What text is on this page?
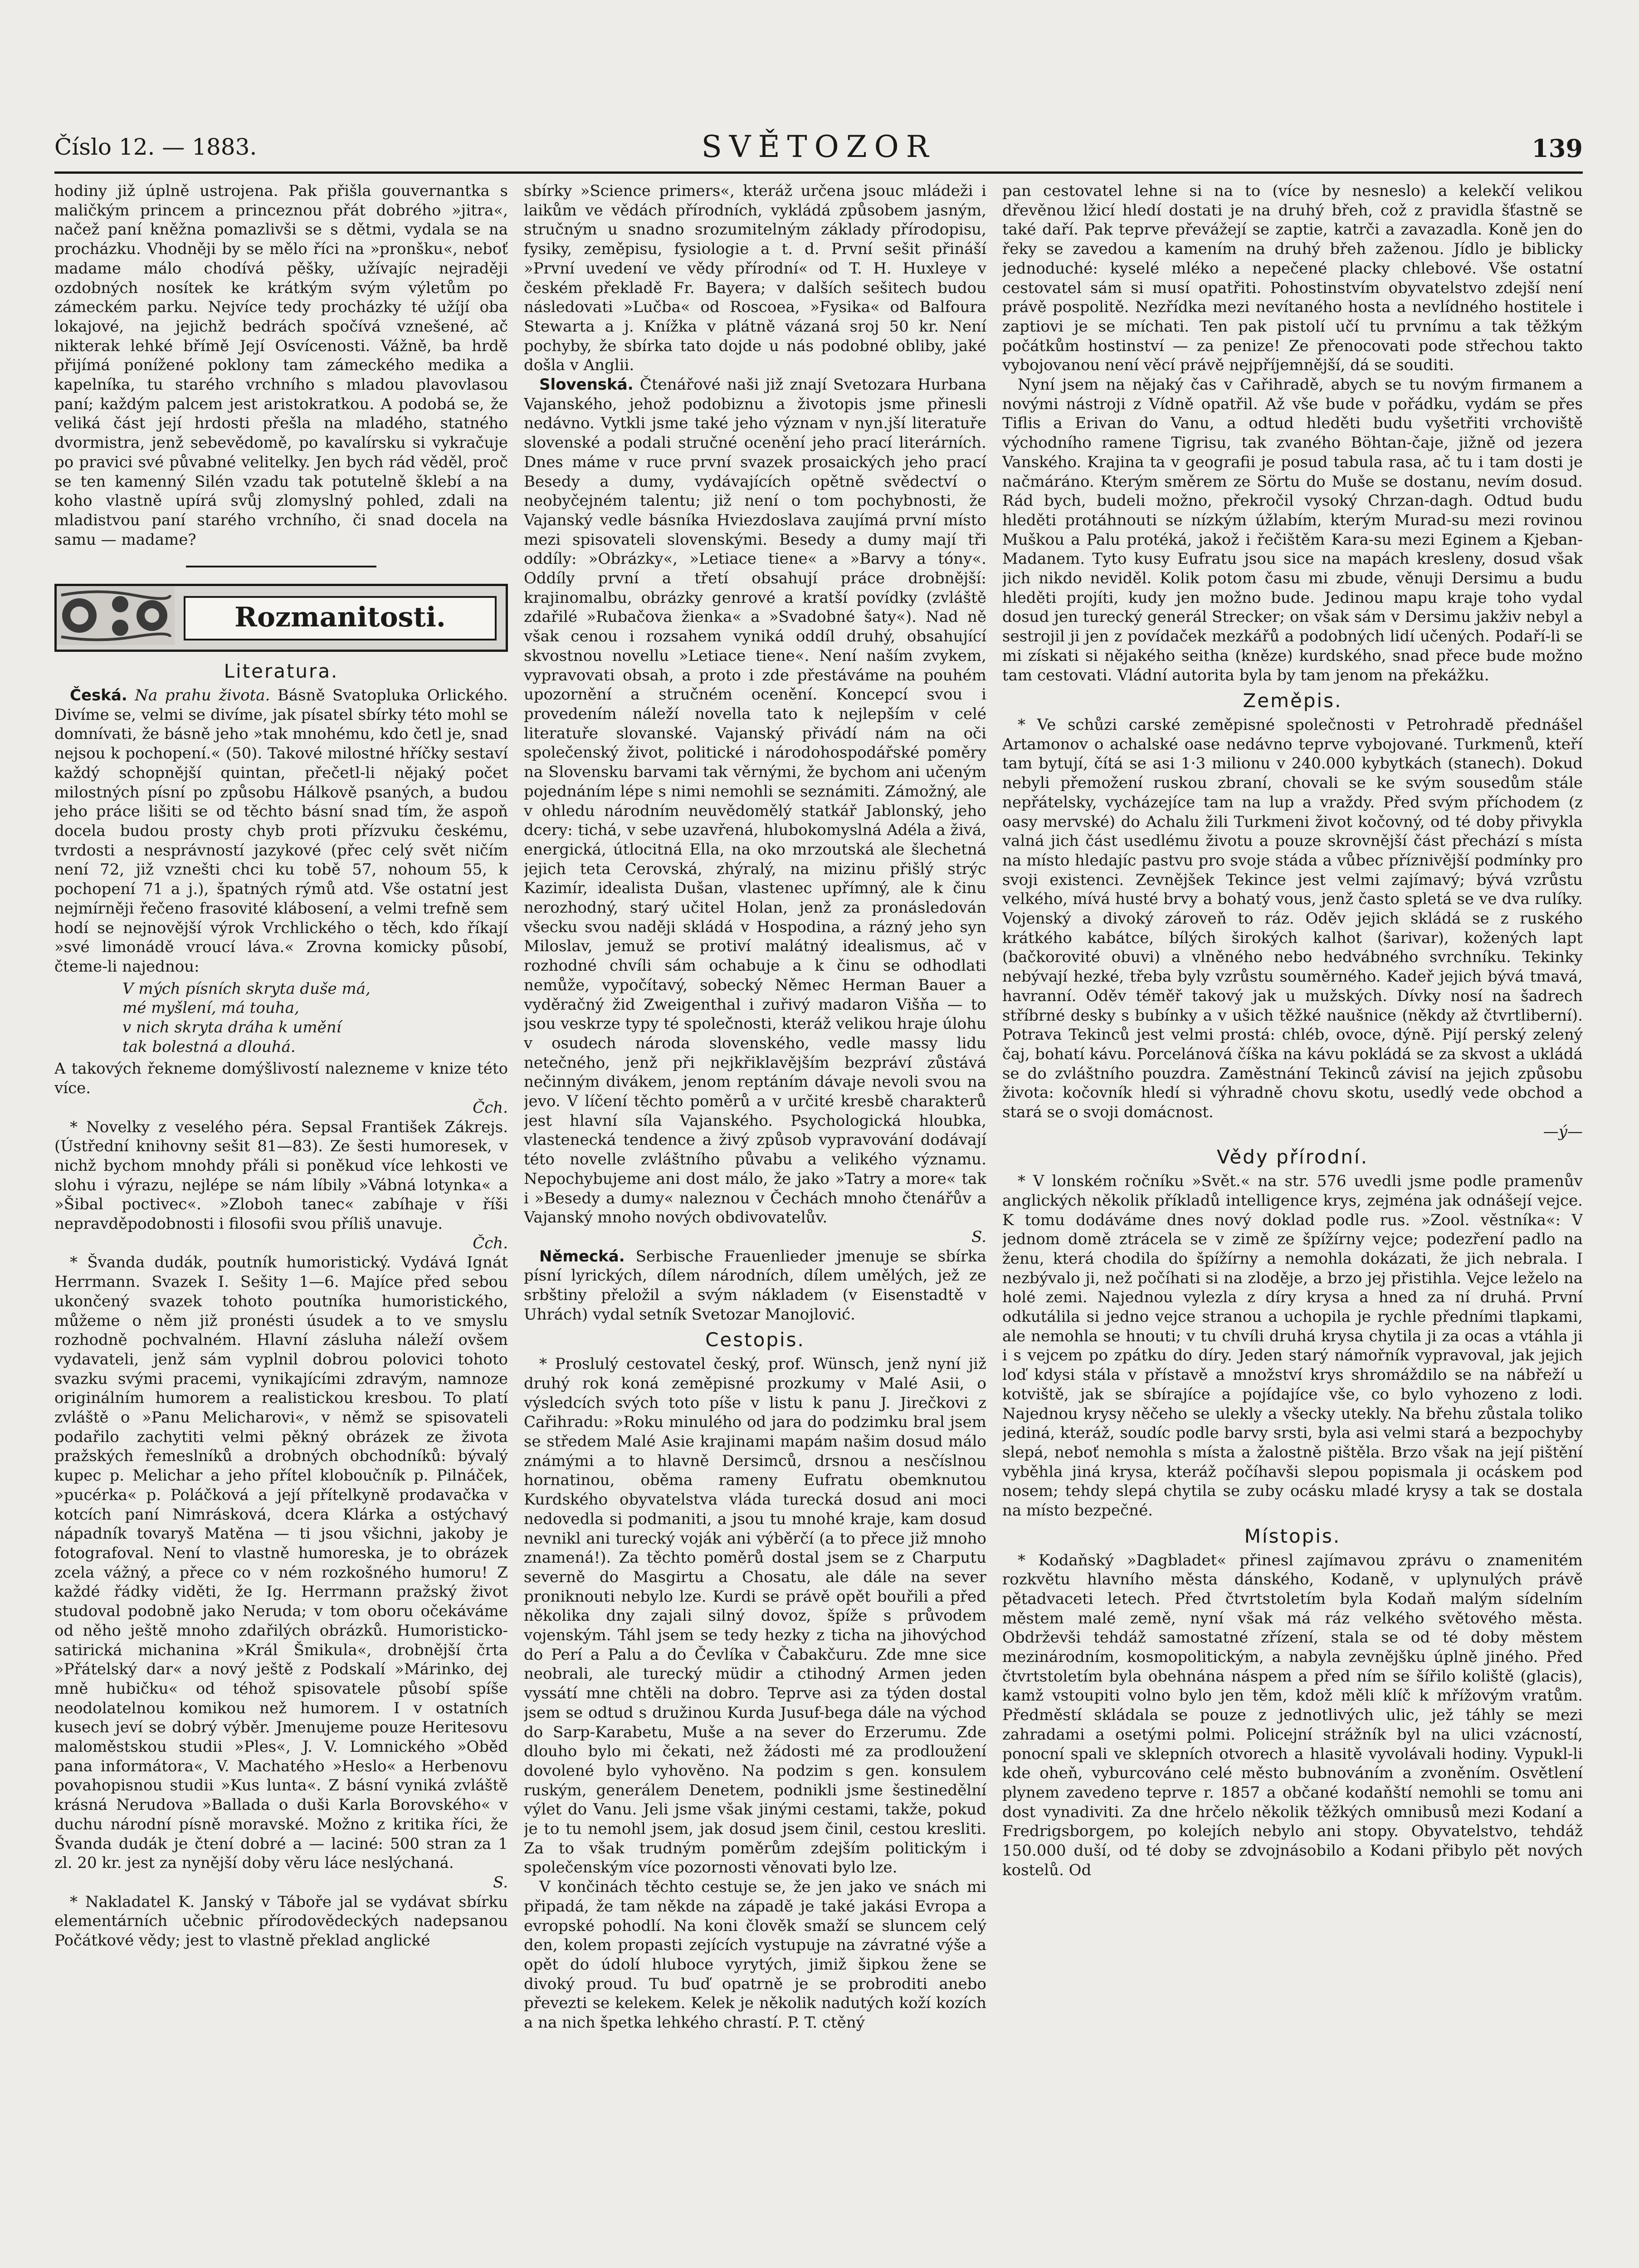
Číslo 12. — 1883.	SVĚTOZOR	139

hodiny již úplně ustrojena. Pak přišla gouvernantka s maličkým princem a princeznou přát dobrého »jitra«, načež paní kněžna pomazlivši se s dětmi, vydala se na procházku. Vhodněji by se mělo říci na »pronšku«, neboť madame málo chodívá pěšky, užívajíc nejraději ozdobných nosítek ke krátkým svým výletům po zámeckém parku. Nejvíce tedy procházky té užíjí oba lokajové, na jejichž bedrách spočívá vznešené, ač nikterak lehké břímě Její Osvícenosti. Vážně, ba hrdě přijímá ponížené poklony tam zámeckého medika a kapelníka, tu starého vrchního s mladou plavovlasou paní; každým palcem jest aristokratkou. A podobá se, že veliká část její hrdosti přešla na mladého, statného dvormistra, jenž sebevědomě, po kavalírsku si vykračuje po pravici své půvabné velitelky. Jen bych rád věděl, proč se ten kamenný Silén vzadu tak potutelně šklebí a na koho vlastně upírá svůj zlomyslný pohled, zdali na mladistvou paní starého vrchního, či snad docela na samu — madame?

Rozmanitosti.
Literatura.

Česká. Na prahu života. Básně Svatopluka Orlického. Divíme se, velmi se divíme, jak písatel sbírky této mohl se domnívati, že básně jeho »tak mnohému, kdo četl je, snad nejsou k pochopení.« (50). Takové milostné hříčky sestaví každý schopnější quintan, přečetl-li nějaký počet milostných písní po způsobu Hálkově psaných, a budou jeho práce lišiti se od těchto básní snad tím, že aspoň docela budou prosty chyb proti přízvuku českému, tvrdosti a nesprávností jazykové (přec celý svět ničím není 72, již vznešti chci ku tobě 57, nohoum 55, k pochopení 71 a j.), špatných rýmů atd. Vše ostatní jest nejmírněji řečeno frasovité klábosení, a velmi trefně sem hodí se nejnovější výrok Vrchlického o těch, kdo říkají »své limonádě vroucí láva.« Zrovna komicky působí, čteme-li najednou:

V mých písních skryta duše má,
mé myšlení, má touha,
v nich skryta dráha k umění
tak bolestná a dlouhá.

A takových řekneme domýšlivostí nalezneme v knize této více.

Čch.

* Novelky z veselého péra. Sepsal František Zákrejs. (Ústřední knihovny sešit 81—83). Ze šesti humoresek, v nichž bychom mnohdy přáli si poněkud více lehkosti ve slohu i výrazu, nejlépe se nám líbily »Vábná lotynka« a »Šibal poctivec«. »Zloboh tanec« zabíhaje v říši nepravděpodobnosti i filosofii svou příliš unavuje.

Čch.

* Švanda dudák, poutník humoristický. Vydává Ignát Herrmann. Svazek I. Sešity 1—6. Majíce před sebou ukončený svazek tohoto poutníka humoristického, můžeme o něm již pronésti úsudek a to ve smyslu rozhodně pochvalném. Hlavní zásluha náleží ovšem vydavateli, jenž sám vyplnil dobrou polovici tohoto svazku svými pracemi, vynikajícími zdravým, namnoze originálním humorem a realistickou kresbou. To platí zvláště o »Panu Melicharovi«, v němž se spisovateli podařilo zachytiti velmi pěkný obrázek ze života pražských řemeslníků a drobných obchodníků: bývalý kupec p. Melichar a jeho přítel kloboučník p. Pilnáček, »pucérka« p. Poláčková a její přítelkyně prodavačka v kotcích paní Nimrásková, dcera Klárka a ostýchavý nápadník tovaryš Matěna — ti jsou všichni, jakoby je fotografoval. Není to vlastně humoreska, je to obrázek zcela vážný, a přece co v ném rozkošného humoru! Z každé řádky viděti, že Ig. Herrmann pražský život studoval podobně jako Neruda; v tom oboru očekáváme od něho ještě mnoho zdařilých obrázků. Humoristicko-satirická michanina »Král Šmikula«, drobnější črta »Přátelský dar« a nový ještě z Podskalí »Márinko, dej mně hubičku« od téhož spisovatele působí spíše neodolatelnou komikou než humorem. I v ostatních kusech jeví se dobrý výběr. Jmenujeme pouze Heritesovu maloměstskou studii »Ples«, J. V. Lomnického »Oběd pana informátora«, V. Machatého »Heslo« a Herbenovu povahopisnou studii »Kus lunta«. Z básní vyniká zvláště krásná Nerudova »Ballada o duši Karla Borovského« v duchu národní písně moravské. Možno z kritika říci, že Švanda dudák je čtení dobré a — laciné: 500 stran za 1 zl. 20 kr. jest za nynější doby věru láce neslýchaná.

S.

* Nakladatel K. Janský v Táboře jal se vydávat sbírku elementárních učebnic přírodovědeckých nadepsanou Počátkové vědy; jest to vlastně překlad anglické

sbírky »Science primers«, kteráž určena jsouc mládeži i laikům ve vědách přírodních, vykládá způsobem jasným, stručným u snadno srozumitelným základy přírodopisu, fysiky, zeměpisu, fysiologie a t. d. První sešit přináší »První uvedení ve vědy přírodní« od T. H. Huxleye v českém překladě Fr. Bayera; v dalších sešitech budou následovati »Lučba« od Roscoea, »Fysika« od Balfoura Stewarta a j. Knížka v plátně vázaná sroj 50 kr. Není pochyby, že sbírka tato dojde u nás podobné obliby, jaké došla v Anglii.

Slovenská. Čtenářové naši již znají Svetozara Hurbana Vajanského, jehož podobiznu a životopis jsme přinesli nedávno. Vytkli jsme také jeho význam v nyn.jší literatuře slovenské a podali stručné ocenění jeho prací literárních. Dnes máme v ruce první svazek prosaických jeho prací Besedy a dumy, vydávajících opětně svědectví o neobyčejném talentu; již není o tom pochybnosti, že Vajanský vedle básníka Hviezdoslava zaujímá první místo mezi spisovateli slovenskými. Besedy a dumy mají tři oddíly: »Obrázky«, »Letiace tiene« a »Barvy a tóny«. Oddíly první a třetí obsahují práce drobnější: krajinomalbu, obrázky genrové a kratší povídky (zvláště zdařilé »Rubačova žienka« a »Svadobné šaty«). Nad ně však cenou i rozsahem vyniká oddíl druhý, obsahující skvostnou novellu »Letiace tiene«. Není naším zvykem, vypravovati obsah, a proto i zde přestáváme na pouhém upozornění a stručném ocenění. Koncepcí svou i provedením náleží novella tato k nejlepším v celé literatuře slovanské. Vajanský přivádí nám na oči společenský život, politické i národohospodářské poměry na Slovensku barvami tak věrnými, že bychom ani učeným pojednáním lépe s nimi nemohli se seznámiti. Zámožný, ale v ohledu národním neuvědomělý statkář Jablonský, jeho dcery: tichá, v sebe uzavřená, hlubokomyslná Adéla a živá, energická, útlocitná Ella, na oko mrzoutská ale šlechetná jejich teta Cerovská, zhýralý, na mizinu přišlý strýc Kazimír, idealista Dušan, vlastenec upřímný, ale k činu nerozhodný, starý učitel Holan, jenž za pronásledován všecku svou naději skládá v Hospodina, a rázný jeho syn Miloslav, jemuž se protiví malátný idealismus, ač v rozhodné chvíli sám ochabuje a k činu se odhodlati nemůže, vypočítavý, sobecký Němec Herman Bauer a vyděračný žid Zweigenthal i zuřivý madaron Višňa — to jsou veskrze typy té společnosti, kteráž velikou hraje úlohu v osudech národa slovenského, vedle massy lidu netečného, jenž při nejkřiklavějším bezpráví zůstává nečinným divákem, jenom reptáním dávaje nevoli svou na jevo. V líčení těchto poměrů a v určité kresbě charakterů jest hlavní síla Vajanského. Psychologická hloubka, vlastenecká tendence a živý způsob vypravování dodávají této novelle zvláštního půvabu a velikého významu. Nepochybujeme ani dost málo, že jako »Tatry a more« tak i »Besedy a dumy« naleznou v Čechách mnoho čtenářův a Vajanský mnoho nových obdivovatelův.

S.

Německá. Serbische Frauenlieder jmenuje se sbírka písní lyrických, dílem národních, dílem umělých, jež ze srbštiny přeložil a svým nákladem (v Eisenstadtě v Uhrách) vydal setník Svetozar Manojlović.

Cestopis.

* Proslulý cestovatel český, prof. Wünsch, jenž nyní již druhý rok koná zeměpisné prozkumy v Malé Asii, o výsledcích svých toto píše v listu k panu J. Jirečkovi z Cařihradu: »Roku minulého od jara do podzimku bral jsem se středem Malé Asie krajinami mapám našim dosud málo známými a to hlavně Dersimců, drsnou a nesčíslnou hornatinou, oběma rameny Eufratu obemknutou Kurdského obyvatelstva vláda turecká dosud ani moci nedovedla si podmaniti, a jsou tu mnohé kraje, kam dosud nevnikl ani turecký voják ani výběrčí (a to přece již mnoho znamená!). Za těchto poměrů dostal jsem se z Charputu severně do Masgirtu a Chosatu, ale dále na sever proniknouti nebylo lze. Kurdi se právě opět bouřili a před několika dny zajali silný dovoz, špíže s průvodem vojenským. Táhl jsem se tedy hezky z ticha na jihovýchod do Perí a Palu a do Čevlíka v Čabakčuru. Zde mne sice neobrali, ale turecký müdir a ctihodný Armen jeden vyssátí mne chtěli na dobro. Teprve asi za týden dostal jsem se odtud s družinou Kurda Jusuf-bega dále na východ do Sarp-Karabetu, Muše a na sever do Erzerumu. Zde dlouho bylo mi čekati, než žádosti mé za prodloužení dovolené bylo vyhověno. Na podzim s gen. konsulem ruským, generálem Denetem, podnikli jsme šestinedělní výlet do Vanu. Jeli jsme však jinými cestami, takže, pokud je to tu nemohl jsem, jak dosud jsem činil, cestou kresliti. Za to však trudným poměrům zdejším politickým i společenským více pozornosti věnovati bylo lze.

V končinách těchto cestuje se, že jen jako ve snách mi připadá, že tam někde na západě je také jakási Evropa a evropské pohodlí. Na koni člověk smaží se sluncem celý den, kolem propasti zejících vystupuje na závratné výše a opět do údolí hluboce vyrytých, jimiž šipkou žene se divoký proud. Tu buď opatrně je se probroditi anebo převezti se kelekem. Kelek je několik nadutých koží kozích a na nich špetka lehkého chrastí. P. T. ctěný

pan cestovatel lehne si na to (více by nesneslo) a kelekčí velikou dřevěnou lžicí hledí dostati je na druhý břeh, což z pravidla šťastně se také daří. Pak teprve převážejí se zaptie, katrči a zavazadla. Koně jen do řeky se zavedou a kamením na druhý břeh zaženou. Jídlo je biblicky jednoduché: kyselé mléko a nepečené placky chlebové. Vše ostatní cestovatel sám si musí opatřiti. Pohostinstvím obyvatelstvo zdejší není právě pospolitě. Nezřídka mezi nevítaného hosta a nevlídného hostitele i zaptiovi je se míchati. Ten pak pistolí učí tu prvnímu a tak těžkým počátkům hostinství — za penize! Ze přenocovati pode střechou takto vybojovanou není věcí právě nejpříjemnější, dá se souditi.

Nyní jsem na nějaký čas v Cařihradě, abych se tu novým firmanem a novými nástroji z Vídně opatřil. Až vše bude v pořádku, vydám se přes Tiflis a Erivan do Vanu, a odtud hleděti budu vyšetřiti vrchoviště východního ramene Tigrisu, tak zvaného Böhtan-čaje, jižně od jezera Vanského. Krajina ta v geografii je posud tabula rasa, ač tu i tam dosti je načmáráno. Kterým směrem ze Sörtu do Muše se dostanu, nevím dosud. Rád bych, budeli možno, překročil vysoký Chrzan-dagh. Odtud budu hleděti protáhnouti se nízkým úžlabím, kterým Murad-su mezi rovinou Muškou a Palu protéká, jakož i řečištěm Kara-su mezi Eginem a Kjeban-Madanem. Tyto kusy Eufratu jsou sice na mapách kresleny, dosud však jich nikdo neviděl. Kolik potom času mi zbude, věnuji Dersimu a budu hleděti projíti, kudy jen možno bude. Jedinou mapu kraje toho vydal dosud jen turecký generál Strecker; on však sám v Dersimu jakživ nebyl a sestrojil ji jen z povídaček mezkářů a podobných lidí učených. Podaří-li se mi získati si nějakého seitha (kněze) kurdského, snad přece bude možno tam cestovati. Vládní autorita byla by tam jenom na překážku.

Zeměpis.

* Ve schůzi carské zeměpisné společnosti v Petrohradě přednášel Artamonov o achalské oase nedávno teprve vybojované. Turkmenů, kteří tam bytují, čítá se asi 1·3 milionu v 240.000 kybytkách (stanech). Dokud nebyli přemožení ruskou zbraní, chovali se ke svým sousedům stále nepřátelsky, vycházejíce tam na lup a vraždy. Před svým příchodem (z oasy mervské) do Achalu žili Turkmeni život kočovný, od té doby přivykla valná jich část usedlému životu a pouze skrovnější část přechází s místa na místo hledajíc pastvu pro svoje stáda a vůbec příznivější podmínky pro svoji existenci. Zevnějšek Tekince jest velmi zajímavý; bývá vzrůstu velkého, mívá husté brvy a bohatý vous, jenž často spletá se ve dva rulíky. Vojenský a divoký zároveň to ráz. Oděv jejich skládá se z ruského krátkého kabátce, bílých širokých kalhot (šarivar), kožených lapt (bačkorovité obuvi) a vlněného nebo hedvábného svrchníku. Tekinky nebývají hezké, třeba byly vzrůstu souměrného. Kadeř jejich bývá tmavá, havranní. Oděv téměř takový jak u mužských. Dívky nosí na šadrech stříbrné desky s bubínky a v ušich těžké naušnice (někdy až čtvrtliberní). Potrava Tekinců jest velmi prostá: chléb, ovoce, dýně. Pijí perský zelený čaj, bohatí kávu. Porcelánová číška na kávu pokládá se za skvost a ukládá se do zvláštního pouzdra. Zaměstnání Tekinců závisí na jejich způsobu života: kočovník hledí si výhradně chovu skotu, usedlý vede obchod a stará se o svoji domácnost.

—ý—

Vědy přírodní.

* V lonském ročníku »Svět.« na str. 576 uvedli jsme podle pramenův anglických několik příkladů intelligence krys, zejména jak odnášejí vejce. K tomu dodáváme dnes nový doklad podle rus. »Zool. věstníka«: V jednom domě ztrácela se v zimě ze špížírny vejce; podezření padlo na ženu, která chodila do špížírny a nemohla dokázati, že jich nebrala. I nezbývalo ji, než počíhati si na zloděje, a brzo jej přistihla. Vejce leželo na holé zemi. Najednou vylezla z díry krysa a hned za ní druhá. První odkutálila si jedno vejce stranou a uchopila je rychle předními tlapkami, ale nemohla se hnouti; v tu chvíli druhá krysa chytila ji za ocas a vtáhla ji i s vejcem po zpátku do díry. Jeden starý námořník vypravoval, jak jejich loď kdysi stála v přístavě a množství krys shromáždilo se na nábřeží u kotviště, jak se sbírajíce a pojídajíce vše, co bylo vyhozeno z lodi. Najednou krysy něčeho se ulekly a všecky utekly. Na břehu zůstala toliko jediná, kteráž, soudíc podle barvy srsti, byla asi velmi stará a bezpochyby slepá, neboť nemohla s místa a žalostně pištěla. Brzo však na její pištění vyběhla jiná krysa, kteráž počíhavši slepou popismala ji ocáskem pod nosem; tehdy slepá chytila se zuby ocásku mladé krysy a tak se dostala na místo bezpečné.

Místopis.

* Kodaňský »Dagbladet« přinesl zajímavou zprávu o znamenitém rozkvětu hlavního města dánského, Kodaně, v uplynulých právě pětadvaceti letech. Před čtvrtstoletím byla Kodaň malým sídelním městem malé země, nyní však má ráz velkého světového města. Obdrževši tehdáž samostatné zřízení, stala se od té doby městem mezinárodním, kosmopolitickým, a nabyla zevnějšku úplně jiného. Před čtvrtstoletím byla obehnána náspem a před ním se šířilo koliště (glacis), kamž vstoupiti volno bylo jen těm, kdož měli klíč k mřížovým vratům. Předměstí skládala se pouze z jednotlivých ulic, jež táhly se mezi zahradami a osetými polmi. Policejní strážník byl na ulici vzácností, ponocní spali ve sklepních otvorech a hlasitě vyvolávali hodiny. Vypukl-li kde oheň, vyburcováno celé město bubnováním a zvoněním. Osvětlení plynem zavedeno teprve r. 1857 a občané kodaňští nemohli se tomu ani dost vynadiviti. Za dne hrčelo několik těžkých omnibusů mezi Kodaní a Fredrigsborgem, po kolejích nebylo ani stopy. Obyvatelstvo, tehdáž 150.000 duší, od té doby se zdvojnásobilo a Kodani přibylo pět nových kostelů. Od
